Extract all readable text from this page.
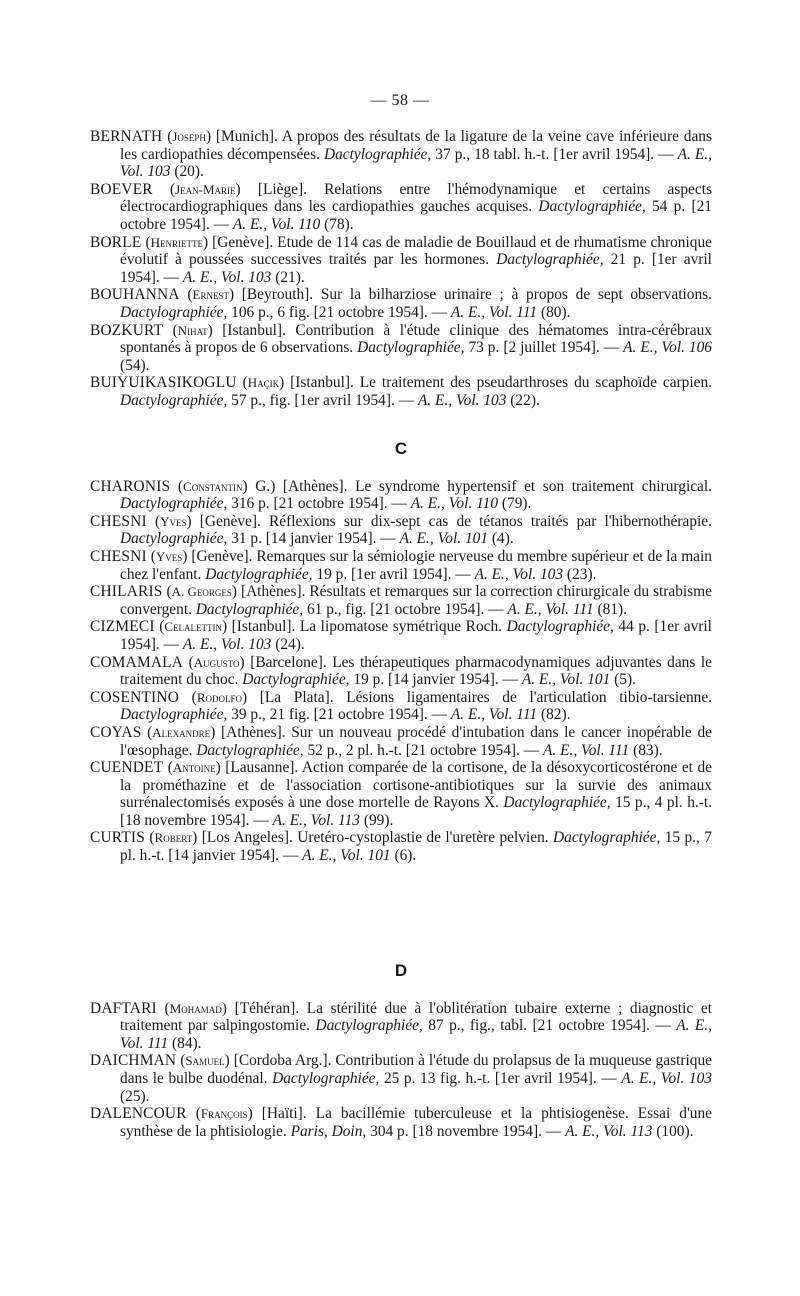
— 58 —

BERNATH (Joseph) [Munich]. A propos des résultats de la ligature de la veine cave inférieure dans les cardiopathies décompensées. Dactylographiée, 37 p., 18 tabl. h.-t. [1er avril 1954]. — A. E., Vol. 103 (20).

BOEVER (Jean-Marie) [Liège]. Relations entre l'hémodynamique et certains aspects électrocardiographiques dans les cardiopathies gauches acquises. Dactylographiée, 54 p. [21 octobre 1954]. — A. E., Vol. 110 (78).

BORLE (Henriette) [Genève]. Etude de 114 cas de maladie de Bouillaud et de rhumatisme chronique évolutif à poussées successives traités par les hormones. Dactylographiée, 21 p. [1er avril 1954]. — A. E., Vol. 103 (21).

BOUHANNA (Ernest) [Beyrouth]. Sur la bilharziose urinaire ; à propos de sept observations. Dactylographiée, 106 p., 6 fig. [21 octobre 1954]. — A. E., Vol. 111 (80).

BOZKURT (Nihat) [Istanbul]. Contribution à l'étude clinique des hématomes intra-cérébraux spontanés à propos de 6 observations. Dactylographiée, 73 p. [2 juillet 1954]. — A. E., Vol. 106 (54).

BUIYUIKASIKOGLU (Haçik) [Istanbul]. Le traitement des pseudarthroses du scaphoïde carpien. Dactylographiée, 57 p., fig. [1er avril 1954]. — A. E., Vol. 103 (22).

C

CHARONIS (Constantin) G.) [Athènes]. Le syndrome hypertensif et son traitement chirurgical. Dactylographiée, 316 p. [21 octobre 1954]. — A. E., Vol. 110 (79).

CHESNI (Yves) [Genève]. Réflexions sur dix-sept cas de tétanos traités par l'hibernothérapie. Dactylographiée, 31 p. [14 janvier 1954]. — A. E., Vol. 101 (4).

CHESNI (Yves) [Genève]. Remarques sur la sémiologie nerveuse du membre supérieur et de la main chez l'enfant. Dactylographiée, 19 p. [1er avril 1954]. — A. E., Vol. 103 (23).

CHILARIS (A. Georges) [Athènes]. Résultats et remarques sur la correction chirurgicale du strabisme convergent. Dactylographiée, 61 p., fig. [21 octobre 1954]. — A. E., Vol. 111 (81).

CIZMECI (Celalettin) [Istanbul]. La lipomatose symétrique Roch. Dactylographiée, 44 p. [1er avril 1954]. — A. E., Vol. 103 (24).

COMAMALA (Augusto) [Barcelone]. Les thérapeutiques pharmacodynamiques adjuvantes dans le traitement du choc. Dactylographiée, 19 p. [14 janvier 1954]. — A. E., Vol. 101 (5).

COSENTINO (Rodolfo) [La Plata]. Lésions ligamentaires de l'articulation tibio-tarsienne. Dactylographiée, 39 p., 21 fig. [21 octobre 1954]. — A. E., Vol. 111 (82).

COYAS (Alexandre) [Athènes]. Sur un nouveau procédé d'intubation dans le cancer inopérable de l'œsophage. Dactylographiée, 52 p., 2 pl. h.-t. [21 octobre 1954]. — A. E., Vol. 111 (83).

CUENDET (Antoine) [Lausanne]. Action comparée de la cortisone, de la désoxycorticostérone et de la prométhazine et de l'association cortisone-antibiotiques sur la survie des animaux surrénalectomisés exposés à une dose mortelle de Rayons X. Dactylographiée, 15 p., 4 pl. h.-t. [18 novembre 1954]. — A. E., Vol. 113 (99).

CURTIS (Robert) [Los Angeles]. Uretéro-cystoplastie de l'uretère pelvien. Dactylographiée, 15 p., 7 pl. h.-t. [14 janvier 1954]. — A. E., Vol. 101 (6).

D

DAFTARI (Mohamad) [Téhéran]. La stérilité due à l'oblitération tubaire externe ; diagnostic et traitement par salpingostomie. Dactylographiée, 87 p., fig., tabl. [21 octobre 1954]. — A. E., Vol. 111 (84).

DAICHMAN (Samuel) [Cordoba Arg.]. Contribution à l'étude du prolapsus de la muqueuse gastrique dans le bulbe duodénal. Dactylographiée, 25 p. 13 fig. h.-t. [1er avril 1954]. — A. E., Vol. 103 (25).

DALENCOUR (François) [Haïti]. La bacillémie tuberculeuse et la phtisiogenèse. Essai d'une synthèse de la phtisiologie. Paris, Doin, 304 p. [18 novembre 1954]. — A. E., Vol. 113 (100).
